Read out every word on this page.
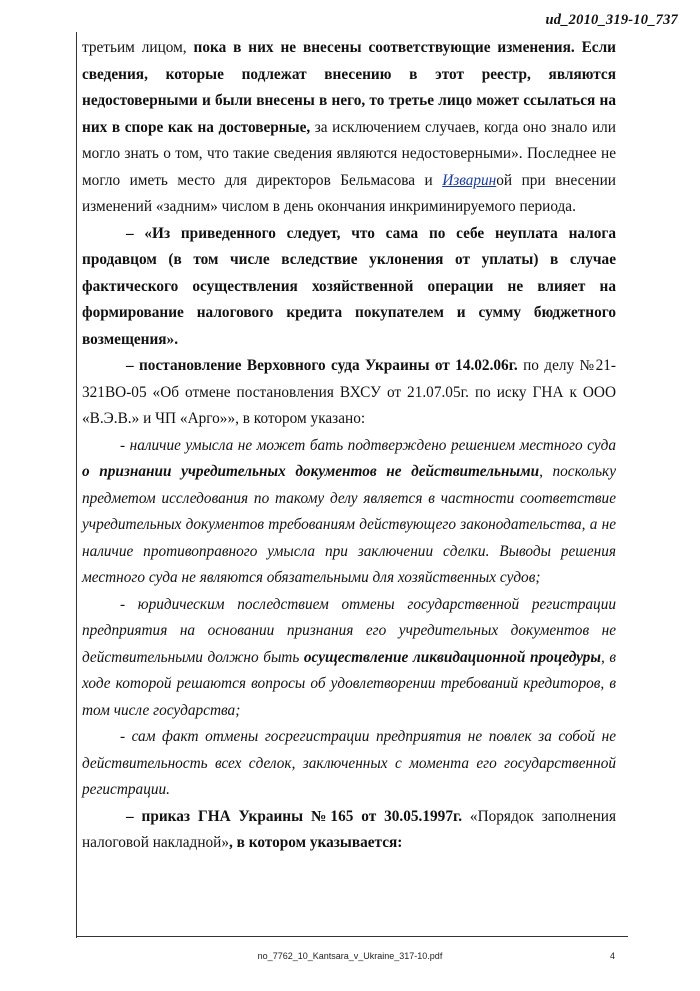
ud_2010_319-10_737

третьим лицом, пока в них не внесены соответствующие изменения. Если сведения, которые подлежат внесению в этот реестр, являются недостоверными и были внесены в него, то третье лицо может ссылаться на них в споре как на достоверные, за исключением случаев, когда оно знало или могло знать о том, что такие сведения являются недостоверными». Последнее не могло иметь место для директоров Бельмасова и Извариной при внесении изменений «задним» числом в день окончания инкриминируемого периода.

– «Из приведенного следует, что сама по себе неуплата налога продавцом (в том числе вследствие уклонения от уплаты) в случае фактического осуществления хозяйственной операции не влияет на формирование налогового кредита покупателем и сумму бюджетного возмещения».

– постановление Верховного суда Украины от 14.02.06г. по делу №21-321ВО-05 «Об отмене постановления ВХСУ от 21.07.05г. по иску ГНА к ООО «В.Э.В.» и ЧП «Арго»», в котором указано:

- наличие умысла не может бать подтверждено решением местного суда о признании учредительных документов не действительными, поскольку предметом исследования по такому делу является в частности соответствие учредительных документов требованиям действующего законодательства, а не наличие противоправного умысла при заключении сделки. Выводы решения местного суда не являются обязательными для хозяйственных судов;

- юридическим последствием отмены государственной регистрации предприятия на основании признания его учредительных документов не действительными должно быть осуществление ликвидационной процедуры, в ходе которой решаются вопросы об удовлетворении требований кредиторов, в том числе государства;

- сам факт отмены госрегистрации предприятия не повлек за собой не действительность всех сделок, заключенных с момента его государственной регистрации.

– приказ ГНА Украины №165 от 30.05.1997г. «Порядок заполнения налоговой накладной», в котором указывается:

no_7762_10_Kantsara_v_Ukraine_317-10.pdf	4
